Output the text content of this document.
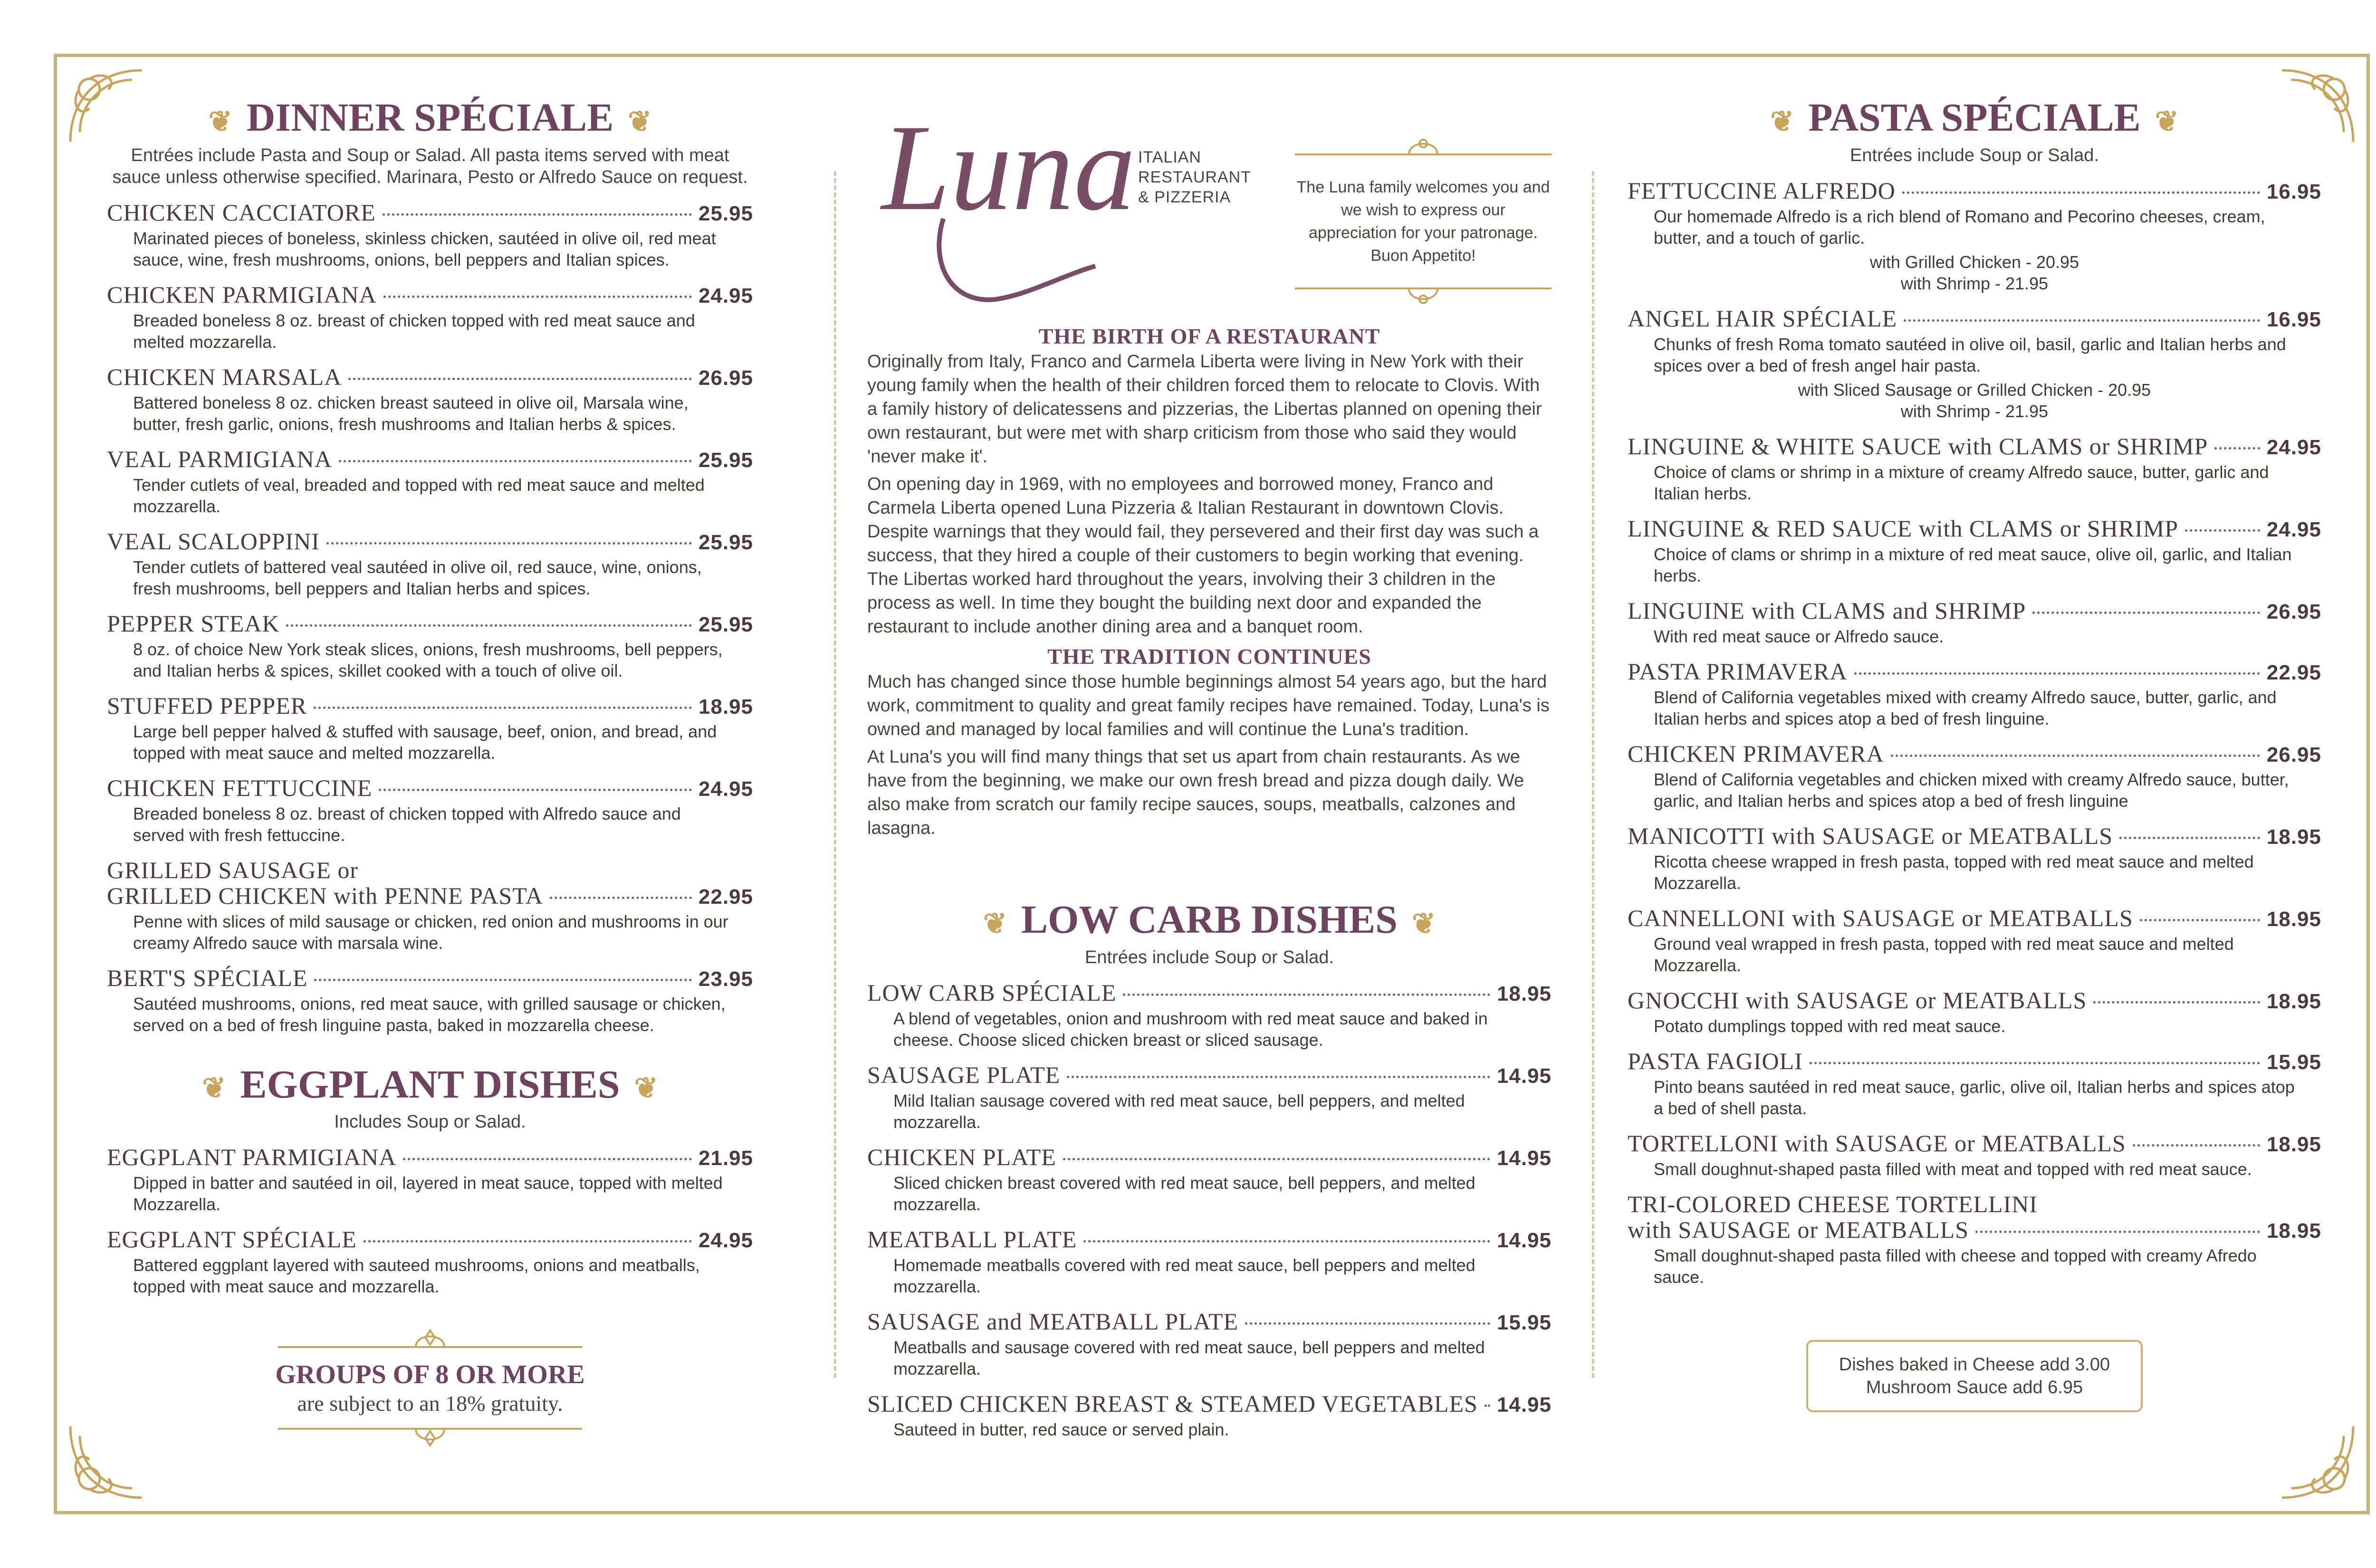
❦ DINNER SPÉCIALE ❦
Entrées include Pasta and Soup or Salad. All pasta items served with meat sauce unless otherwise specified. Marinara, Pesto or Alfredo Sauce on request.
CHICKEN CACCIATORE	25.95
Marinated pieces of boneless, skinless chicken, sautéed in olive oil, red meat sauce, wine, fresh mushrooms, onions, bell peppers and Italian spices.
CHICKEN PARMIGIANA	24.95
Breaded boneless 8 oz. breast of chicken topped with red meat sauce and melted mozzarella.
CHICKEN MARSALA	26.95
Battered boneless 8 oz. chicken breast sauteed in olive oil, Marsala wine, butter, fresh garlic, onions, fresh mushrooms and Italian herbs & spices.
VEAL PARMIGIANA	25.95
Tender cutlets of veal, breaded and topped with red meat sauce and melted mozzarella.
VEAL SCALOPPINI	25.95
Tender cutlets of battered veal sautéed in olive oil, red sauce, wine, onions, fresh mushrooms, bell peppers and Italian herbs and spices.
PEPPER STEAK	25.95
8 oz. of choice New York steak slices, onions, fresh mushrooms, bell peppers, and Italian herbs & spices, skillet cooked with a touch of olive oil.
STUFFED PEPPER	18.95
Large bell pepper halved & stuffed with sausage, beef, onion, and bread, and topped with meat sauce and melted mozzarella.
CHICKEN FETTUCCINE	24.95
Breaded boneless 8 oz. breast of chicken topped with Alfredo sauce and served with fresh fettuccine.
GRILLED SAUSAGE or
GRILLED CHICKEN with PENNE PASTA	22.95
Penne with slices of mild sausage or chicken, red onion and mushrooms in our creamy Alfredo sauce with marsala wine.
BERT'S SPÉCIALE	23.95
Sautéed mushrooms, onions, red meat sauce, with grilled sausage or chicken, served on a bed of fresh linguine pasta, baked in mozzarella cheese.
❦ EGGPLANT DISHES ❦
Includes Soup or Salad.
EGGPLANT PARMIGIANA	21.95
Dipped in batter and sautéed in oil, layered in meat sauce, topped with melted Mozzarella.
EGGPLANT SPÉCIALE	24.95
Battered eggplant layered with sauteed mushrooms, onions and meatballs, topped with meat sauce and mozzarella.
GROUPS OF 8 OR MORE
are subject to an 18% gratuity.
Luna ITALIAN
RESTAURANT
& PIZZERIA
The Luna family welcomes you and we wish to express our appreciation for your patronage. Buon Appetito!
THE BIRTH OF A RESTAURANT
Originally from Italy, Franco and Carmela Liberta were living in New York with their young family when the health of their children forced them to relocate to Clovis. With a family history of delicatessens and pizzerias, the Libertas planned on opening their own restaurant, but were met with sharp criticism from those who said they would 'never make it'.
On opening day in 1969, with no employees and borrowed money, Franco and Carmela Liberta opened Luna Pizzeria & Italian Restaurant in downtown Clovis. Despite warnings that they would fail, they persevered and their first day was such a success, that they hired a couple of their customers to begin working that evening. The Libertas worked hard throughout the years, involving their 3 children in the process as well. In time they bought the building next door and expanded the restaurant to include another dining area and a banquet room.
THE TRADITION CONTINUES
Much has changed since those humble beginnings almost 54 years ago, but the hard work, commitment to quality and great family recipes have remained. Today, Luna's is owned and managed by local families and will continue the Luna's tradition.
At Luna's you will find many things that set us apart from chain restaurants. As we have from the beginning, we make our own fresh bread and pizza dough daily. We also make from scratch our family recipe sauces, soups, meatballs, calzones and lasagna.
❦ LOW CARB DISHES ❦
Entrées include Soup or Salad.
LOW CARB SPÉCIALE	18.95
A blend of vegetables, onion and mushroom with red meat sauce and baked in cheese. Choose sliced chicken breast or sliced sausage.
SAUSAGE PLATE	14.95
Mild Italian sausage covered with red meat sauce, bell peppers, and melted mozzarella.
CHICKEN PLATE	14.95
Sliced chicken breast covered with red meat sauce, bell peppers, and melted mozzarella.
MEATBALL PLATE	14.95
Homemade meatballs covered with red meat sauce, bell peppers and melted mozzarella.
SAUSAGE and MEATBALL PLATE	15.95
Meatballs and sausage covered with red meat sauce, bell peppers and melted mozzarella.
SLICED CHICKEN BREAST & STEAMED VEGETABLES 14.95
Sauteed in butter, red sauce or served plain.
❦ PASTA SPÉCIALE ❦
Entrées include Soup or Salad.
FETTUCCINE ALFREDO	16.95
Our homemade Alfredo is a rich blend of Romano and Pecorino cheeses, cream, butter, and a touch of garlic.
with Grilled Chicken - 20.95
with Shrimp - 21.95
ANGEL HAIR SPÉCIALE	16.95
Chunks of fresh Roma tomato sautéed in olive oil, basil, garlic and Italian herbs and spices over a bed of fresh angel hair pasta.
with Sliced Sausage or Grilled Chicken - 20.95
with Shrimp - 21.95
LINGUINE & WHITE SAUCE with CLAMS or SHRIMP	24.95
Choice of clams or shrimp in a mixture of creamy Alfredo sauce, butter, garlic and Italian herbs.
LINGUINE & RED SAUCE with CLAMS or SHRIMP	24.95
Choice of clams or shrimp in a mixture of red meat sauce, olive oil, garlic, and Italian herbs.
LINGUINE with CLAMS and SHRIMP	26.95
With red meat sauce or Alfredo sauce.
PASTA PRIMAVERA	22.95
Blend of California vegetables mixed with creamy Alfredo sauce, butter, garlic, and Italian herbs and spices atop a bed of fresh linguine.
CHICKEN PRIMAVERA	26.95
Blend of California vegetables and chicken mixed with creamy Alfredo sauce, butter, garlic, and Italian herbs and spices atop a bed of fresh linguine
MANICOTTI with SAUSAGE or MEATBALLS	18.95
Ricotta cheese wrapped in fresh pasta, topped with red meat sauce and melted Mozzarella.
CANNELLONI with SAUSAGE or MEATBALLS	18.95
Ground veal wrapped in fresh pasta, topped with red meat sauce and melted Mozzarella.
GNOCCHI with SAUSAGE or MEATBALLS	18.95
Potato dumplings topped with red meat sauce.
PASTA FAGIOLI	15.95
Pinto beans sautéed in red meat sauce, garlic, olive oil, Italian herbs and spices atop a bed of shell pasta.
TORTELLONI with SAUSAGE or MEATBALLS	18.95
Small doughnut-shaped pasta filled with meat and topped with red meat sauce.
TRI-COLORED CHEESE TORTELLINI
with SAUSAGE or MEATBALLS	18.95
Small doughnut-shaped pasta filled with cheese and topped with creamy Afredo sauce.
Dishes baked in Cheese add 3.00
Mushroom Sauce add 6.95
